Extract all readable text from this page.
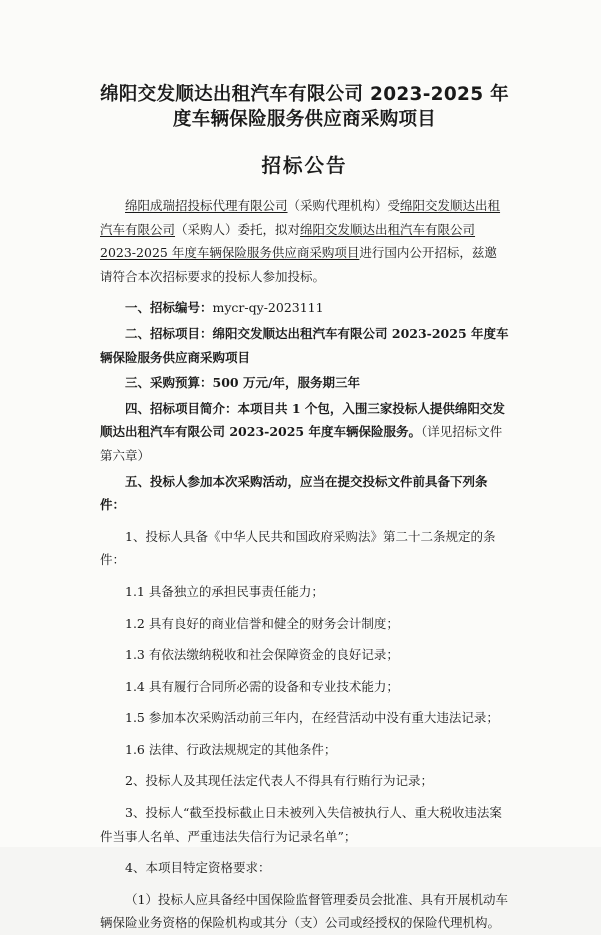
绵阳交发顺达出租汽车有限公司 2023-2025 年度车辆保险服务供应商采购项目
招标公告

绵阳成瑞招投标代理有限公司（采购代理机构）受绵阳交发顺达出租汽车有限公司（采购人）委托，拟对绵阳交发顺达出租汽车有限公司 2023-2025 年度车辆保险服务供应商采购项目进行国内公开招标，兹邀请符合本次招标要求的投标人参加投标。

一、招标编号：mycr-qy-2023111

二、招标项目：绵阳交发顺达出租汽车有限公司 2023-2025 年度车辆保险服务供应商采购项目

三、采购预算：500 万元/年，服务期三年

四、招标项目简介：本项目共 1 个包，入围三家投标人提供绵阳交发顺达出租汽车有限公司 2023-2025 年度车辆保险服务。（详见招标文件第六章）

五、投标人参加本次采购活动，应当在提交投标文件前具备下列条件：

1、投标人具备《中华人民共和国政府采购法》第二十二条规定的条件：

1.1 具备独立的承担民事责任能力；

1.2 具有良好的商业信誉和健全的财务会计制度；

1.3 有依法缴纳税收和社会保障资金的良好记录；

1.4 具有履行合同所必需的设备和专业技术能力；

1.5 参加本次采购活动前三年内，在经营活动中没有重大违法记录；

1.6 法律、行政法规规定的其他条件；

2、投标人及其现任法定代表人不得具有行贿行为记录；

3、投标人“截至投标截止日未被列入失信被执行人、重大税收违法案件当事人名单、严重违法失信行为记录名单”；

4、本项目特定资格要求：

（1）投标人应具备经中国保险监督管理委员会批准、具有开展机动车辆保险业务资格的保险机构或其分（支）公司或经授权的保险代理机构。
